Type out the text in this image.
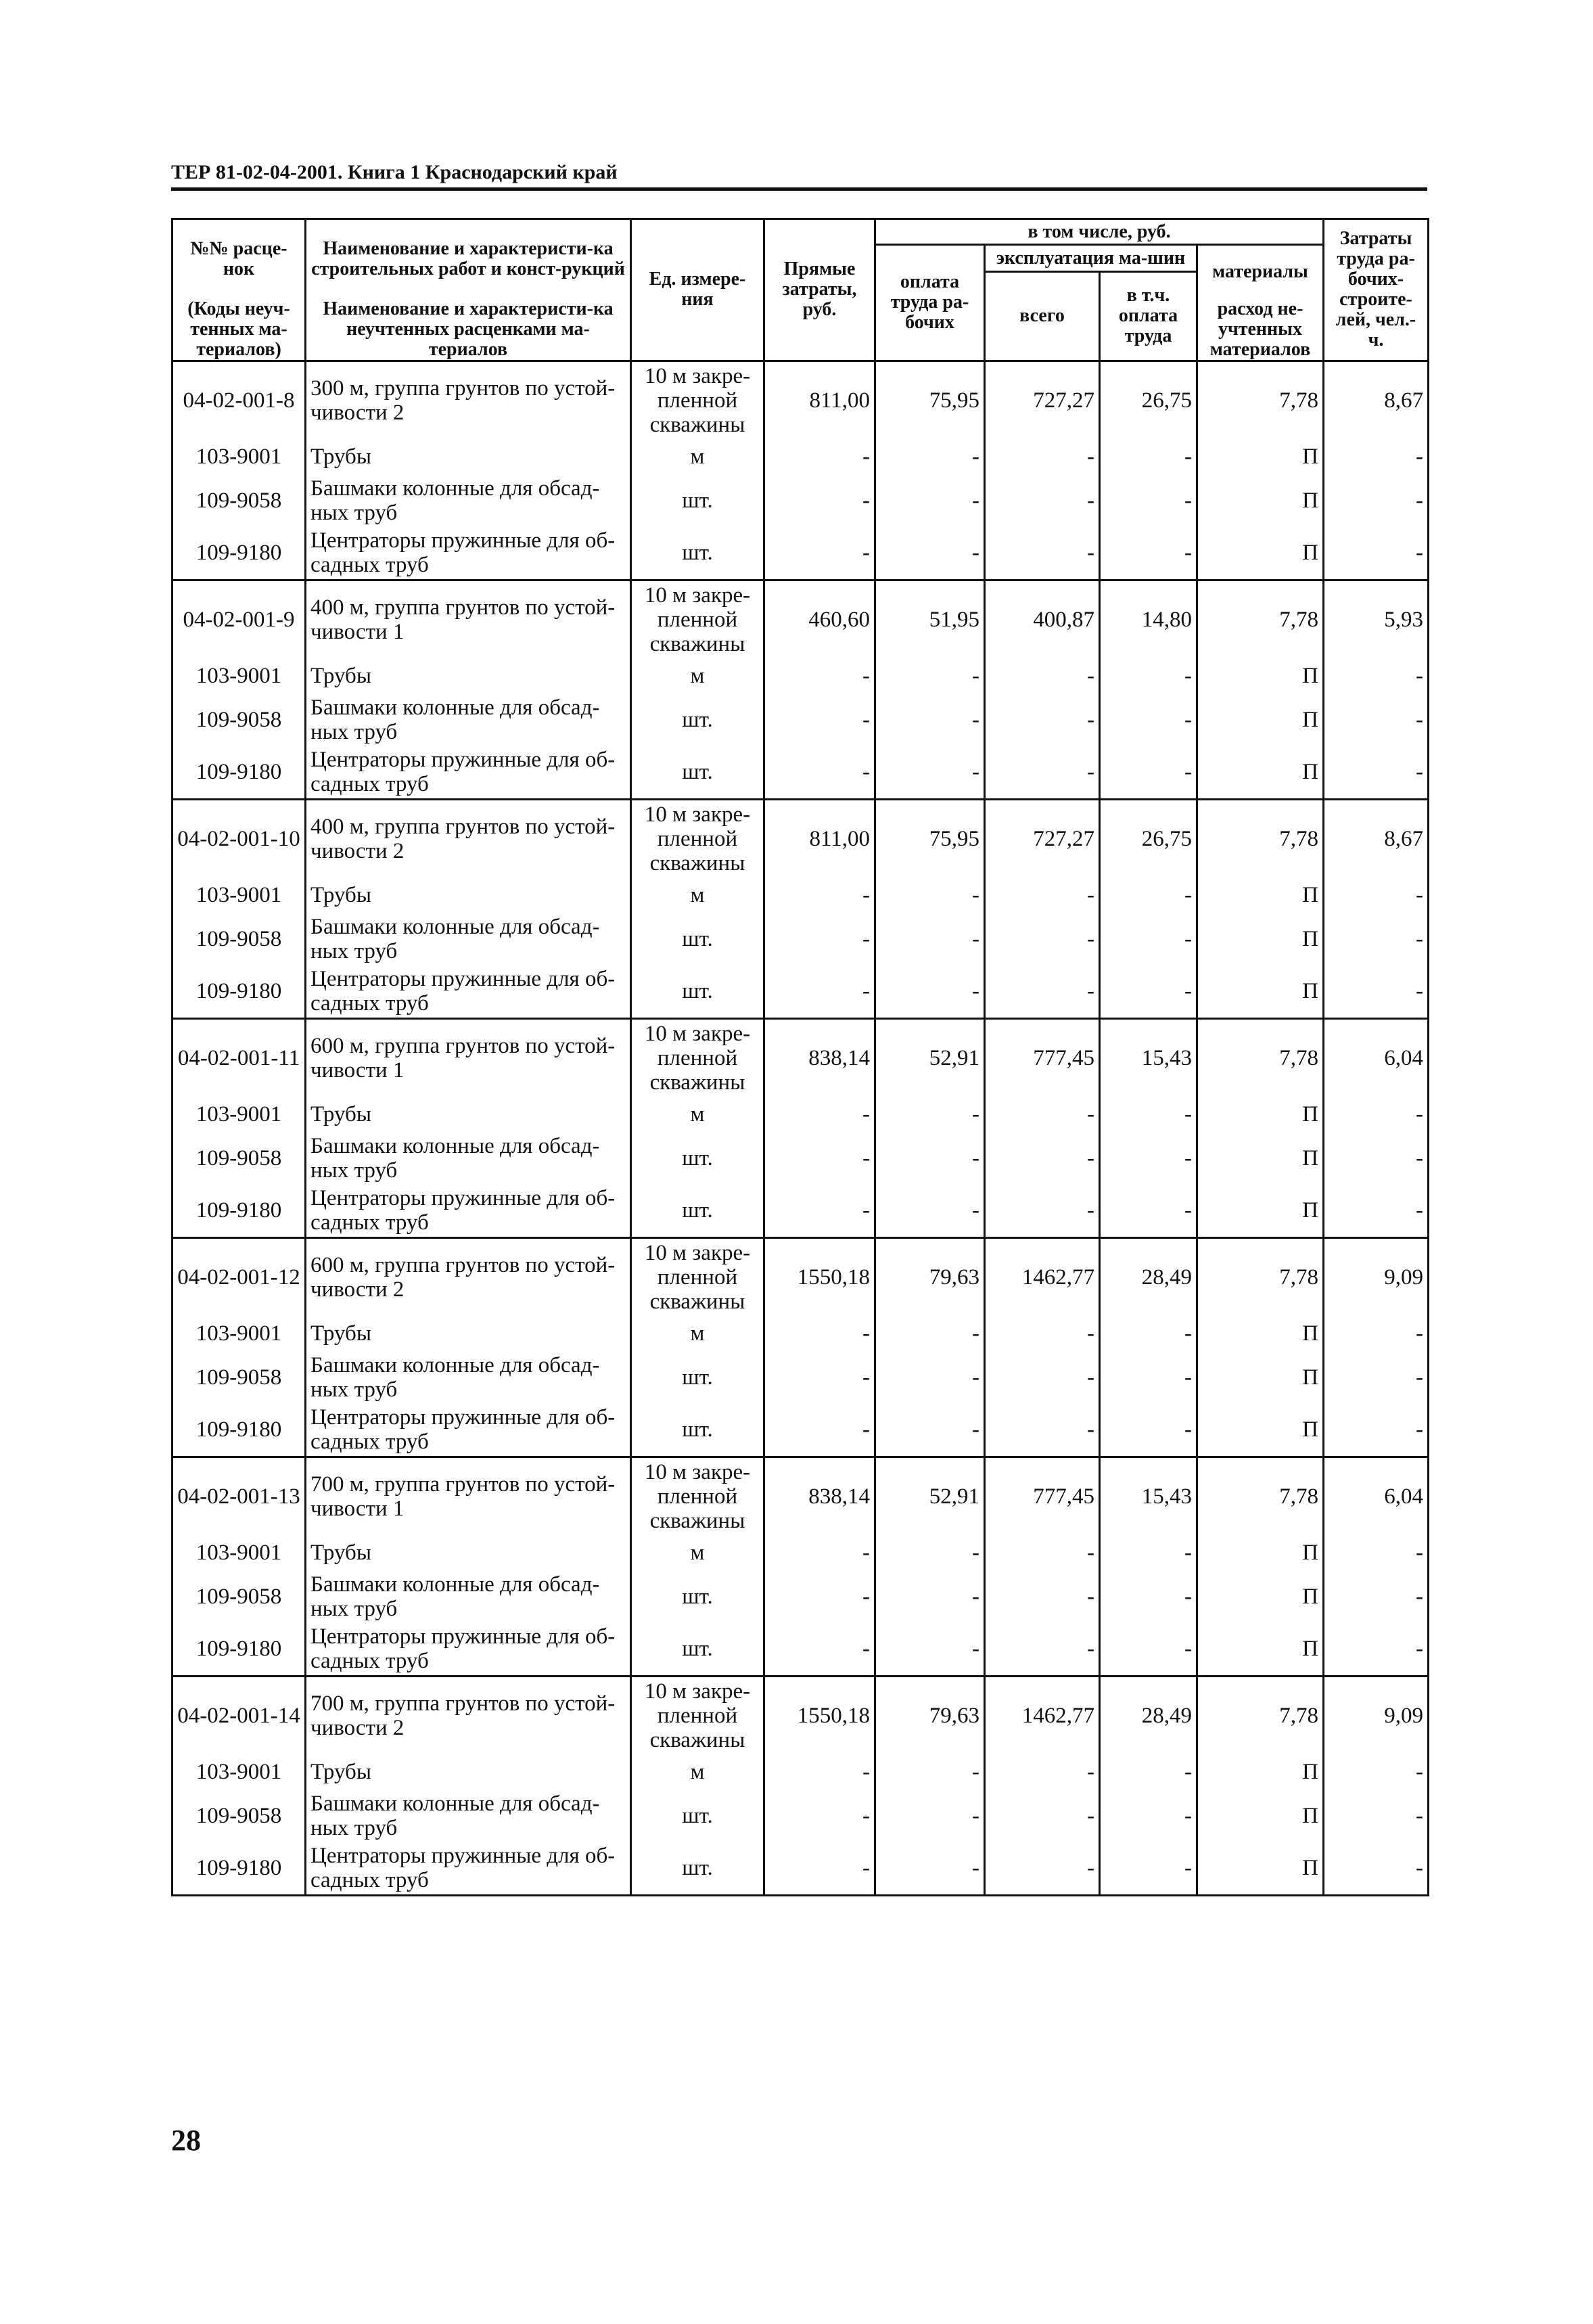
ТЕР 81-02-04-2001. Книга 1 Краснодарский край
№№ расце-нок	Наименование и характеристи-ка строительных работ и конст-рукций	Ед. измере-ния	Прямые затраты, руб.	в том числе, руб.				Затраты труда ра-бочих-строите-лей, чел.-ч.
				оплата труда ра-бочих	эксплуатация ма-шин		материалы	
					всего	в т.ч. оплата труда		
(Коды неуч-тенных ма-териалов)	Наименование и характеристи-ка неучтенных расценками ма-териалов						расход не-учтенных материалов	

04-02-001-8	300 м, группа грунтов по устой-чивости 2	10 м закре-пленной скважины	811,00	75,95	727,27	26,75	7,78	8,67
103-9001	Трубы	м	-	-	-	-	П	-
109-9058	Башмаки колонные для обсад-ных труб	шт.	-	-	-	-	П	-
109-9180	Центраторы пружинные для об-садных труб	шт.	-	-	-	-	П	-
04-02-001-9	400 м, группа грунтов по устой-чивости 1	10 м закре-пленной скважины	460,60	51,95	400,87	14,80	7,78	5,93
103-9001	Трубы	м	-	-	-	-	П	-
109-9058	Башмаки колонные для обсад-ных труб	шт.	-	-	-	-	П	-
109-9180	Центраторы пружинные для об-садных труб	шт.	-	-	-	-	П	-
04-02-001-10	400 м, группа грунтов по устой-чивости 2	10 м закре-пленной скважины	811,00	75,95	727,27	26,75	7,78	8,67
103-9001	Трубы	м	-	-	-	-	П	-
109-9058	Башмаки колонные для обсад-ных труб	шт.	-	-	-	-	П	-
109-9180	Центраторы пружинные для об-садных труб	шт.	-	-	-	-	П	-
04-02-001-11	600 м, группа грунтов по устой-чивости 1	10 м закре-пленной скважины	838,14	52,91	777,45	15,43	7,78	6,04
103-9001	Трубы	м	-	-	-	-	П	-
109-9058	Башмаки колонные для обсад-ных труб	шт.	-	-	-	-	П	-
109-9180	Центраторы пружинные для об-садных труб	шт.	-	-	-	-	П	-
04-02-001-12	600 м, группа грунтов по устой-чивости 2	10 м закре-пленной скважины	1550,18	79,63	1462,77	28,49	7,78	9,09
103-9001	Трубы	м	-	-	-	-	П	-
109-9058	Башмаки колонные для обсад-ных труб	шт.	-	-	-	-	П	-
109-9180	Центраторы пружинные для об-садных труб	шт.	-	-	-	-	П	-
04-02-001-13	700 м, группа грунтов по устой-чивости 1	10 м закре-пленной скважины	838,14	52,91	777,45	15,43	7,78	6,04
103-9001	Трубы	м	-	-	-	-	П	-
109-9058	Башмаки колонные для обсад-ных труб	шт.	-	-	-	-	П	-
109-9180	Центраторы пружинные для об-садных труб	шт.	-	-	-	-	П	-
04-02-001-14	700 м, группа грунтов по устой-чивости 2	10 м закре-пленной скважины	1550,18	79,63	1462,77	28,49	7,78	9,09
103-9001	Трубы	м	-	-	-	-	П	-
109-9058	Башмаки колонные для обсад-ных труб	шт.	-	-	-	-	П	-
109-9180	Центраторы пружинные для об-садных труб	шт.	-	-	-	-	П	-
28
